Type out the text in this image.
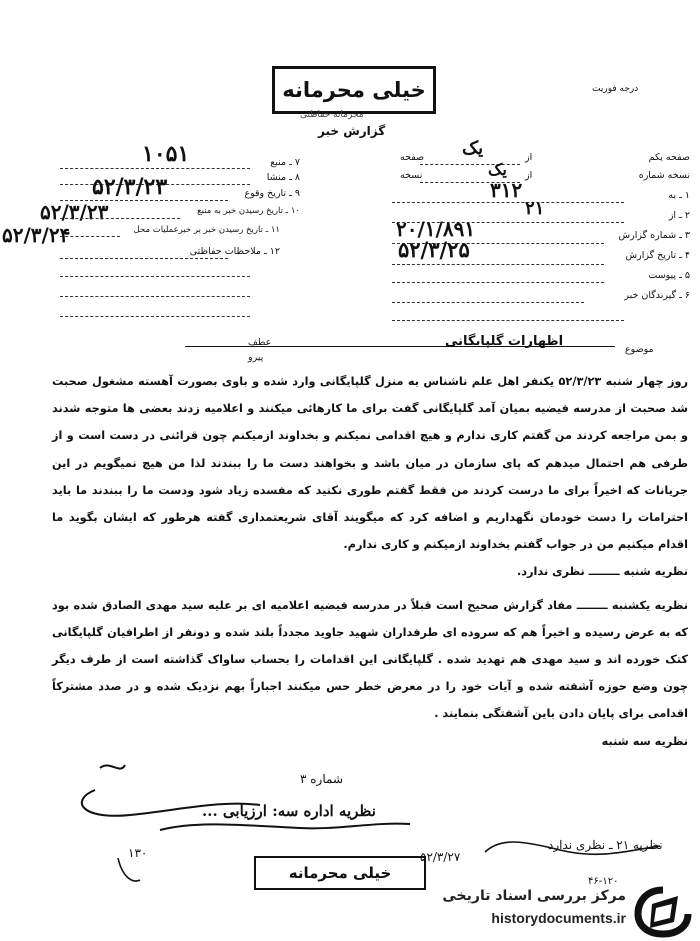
خیلی محرمانه
محرمانه حفاظتی
درجه فوریت
گزارش خبر
صفحه یکم
از
صفحه یک
نسخه شماره
از
نسخه	یک
۱ ـ به
۳۱۲
۲ ـ از
۲۱
۳ ـ شماره گزارش
۲۰/۱/۸۹۱
۴ ـ تاریخ گزارش
۵۲/۳/۲۵
۵ ـ پیوست
۶ ـ گیرندگان خبر
۷ ـ منبع
۱۰۵۱
۸ ـ منشا
۹ ـ تاریخ وقوع
۵۲/۳/۲۳
۱۰ ـ تاریخ رسیدن خبر به منبع
۵۲/۳/۲۳
۱۱ ـ تاریخ رسیدن خبر بر خبرعملیات محل
۵۲/۳/۲۴
۱۲ ـ ملاحظات حفاظتی
عطف
پیرو
موضوع
اظهارات گلپایگانی

روز چهار شنبه ۵۲/۳/۲۳ یکنفر اهل علم ناشناس به منزل گلپایگانی وارد شده و باوی بصورت آهسته مشغول صحبت شد صحبت از مدرسه فیضیه بمیان آمد گلپایگانی گفت برای ما کارهائی میکنند و اعلامیه زدند بعضی ها متوجه شدند و بمن مراجعه کردند من گفتم کاری ندارم و هیچ اقدامی نمیکنم و بخداوند ازمیکنم چون قرائنی در دست است و از طرفی هم احتمال میدهم که پای سازمان در میان باشد و بخواهند دست ما را ببندند لذا من هیچ نمیگویم در این جریانات که اخیراً برای ما درست کردند من فقط گفتم طوری نکنید که مفسده زیاد شود ودست ما را ببندند ما باید احترامات را دست خودمان نگهداریم و اضافه کرد که میگویند آقای شریعتمداری گفته هرطور که ایشان بگوید ما اقدام میکنیم من در جواب گفتم بخداوند ازمیکنم و کاری ندارم.

نظریه شنبه ــــــــ نظری ندارد.

نظریه یکشنبه ــــــــ مفاد گزارش صحیح است قبلاً در مدرسه فیضیه اعلامیه ای بر علیه سید مهدی الصادق شده بود که به عرض رسیده و اخیراً هم که سروده ای طرفداران شهید جاوید مجدداً بلند شده و دونفر از اطرافیان گلپایگانی کتک خورده اند و سید مهدی هم تهدید شده . گلپایگانی این اقدامات را بحساب ساواک گذاشته است از طرف دیگر چون وضع حوزه آشفته شده و آیات خود را در معرض خطر حس میکنند اجباراً بهم نزدیک شده و در صدد مشترکاً اقدامی برای پایان دادن باین آشفتگی بنمایند .

نظریه سه شنبه

شماره ۳
نظریه اداره سه: ارزیابی ...
نظریه ۲۱ ـ نظری ندارد
۵۲/۳/۲۷
۱۳۰
خیلی محرمانه	۴۶-۱۲۰
مرکز بررسی اسناد تاریخی
historydocuments.ir
